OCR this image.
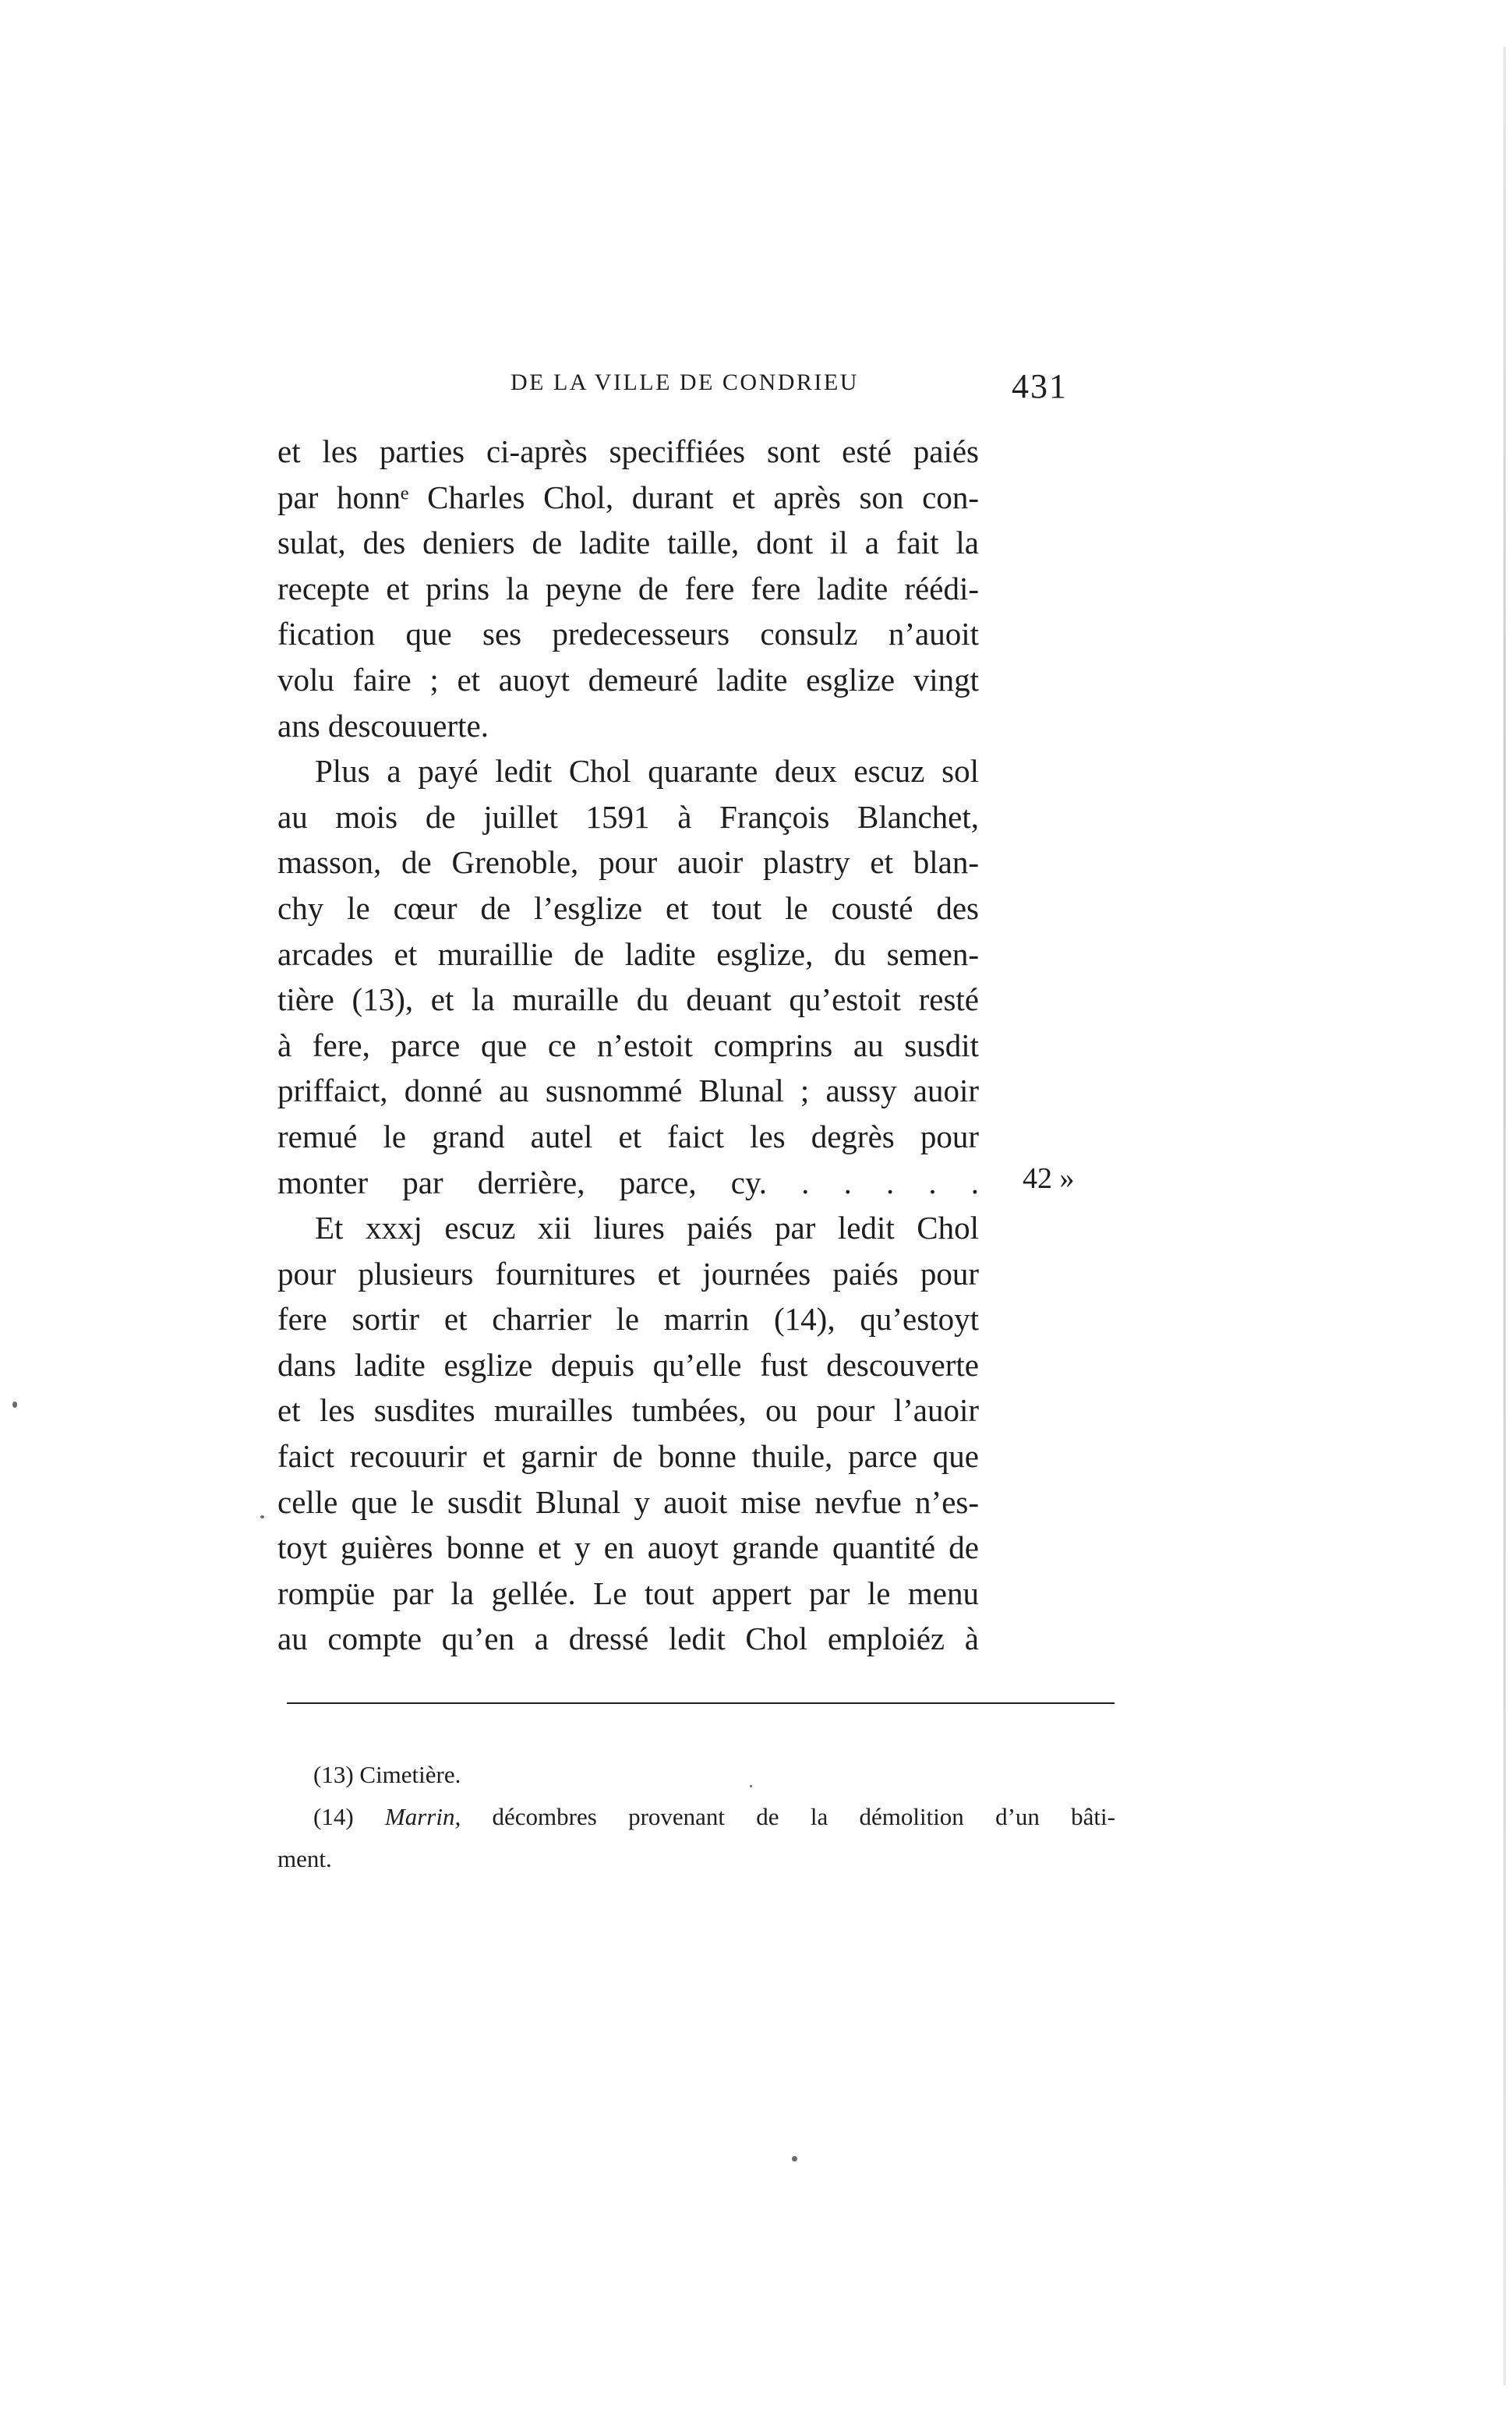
DE LA VILLE DE CONDRIEU	431
et les parties ci-après speciffiées sont esté paiés
par honnᵉ Charles Chol, durant et après son con-
sulat, des deniers de ladite taille, dont il a fait la
recepte et prins la peyne de fere fere ladite réédi-
fication que ses predecesseurs consulz n’auoit
volu faire ; et auoyt demeuré ladite esglize vingt
ans descouuerte.
Plus a payé ledit Chol quarante deux escuz sol
au mois de juillet 1591 à François Blanchet,
masson, de Grenoble, pour auoir plastry et blan-
chy le cœur de l’esglize et tout le cousté des
arcades et muraillie de ladite esglize, du semen-
tière (13), et la muraille du deuant qu’estoit resté
à fere, parce que ce n’estoit comprins au susdit
priffaict, donné au susnommé Blunal ; aussy auoir
remué le grand autel et faict les degrès pour
monter par derrière, parce, cy. . . . . .
Et xxxj escuz xii liures paiés par ledit Chol
pour plusieurs fournitures et journées paiés pour
fere sortir et charrier le marrin (14), qu’estoyt
dans ladite esglize depuis qu’elle fust descouverte
et les susdites murailles tumbées, ou pour l’auoir
faict recouurir et garnir de bonne thuile, parce que
celle que le susdit Blunal y auoit mise nevfue n’es-
toyt guières bonne et y en auoyt grande quantité de
rompüe par la gellée. Le tout appert par le menu
au compte qu’en a dressé ledit Chol emploiéz à
42 »
(13) Cimetière.
(14) Marrin, décombres provenant de la démolition d’un bâti-
ment.
